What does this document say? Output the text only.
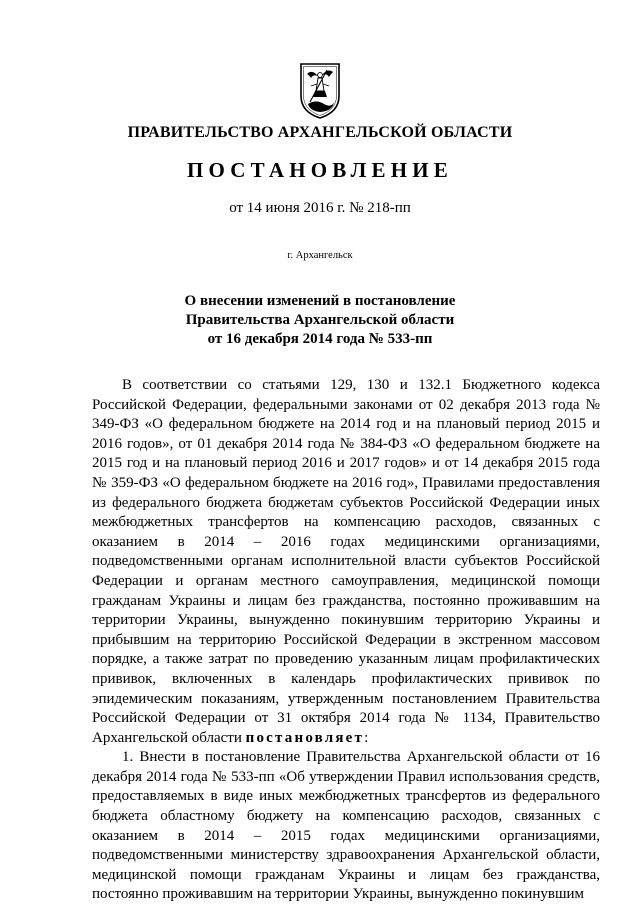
ПРАВИТЕЛЬСТВО АРХАНГЕЛЬСКОЙ ОБЛАСТИ
ПОСТАНОВЛЕНИЕ
от 14 июня 2016 г. № 218-пп
г. Архангельск
О внесении изменений в постановление
Правительства Архангельской области
от 16 декабря 2014 года № 533-пп

В соответствии со статьями 129, 130 и 132.1 Бюджетного кодекса Российской Федерации, федеральными законами от 02 декабря 2013 года № 349-ФЗ «О федеральном бюджете на 2014 год и на плановый период 2015 и 2016 годов», от 01 декабря 2014 года № 384-ФЗ «О федеральном бюджете на 2015 год и на плановый период 2016 и 2017 годов» и от 14 декабря 2015 года № 359-ФЗ «О федеральном бюджете на 2016 год», Правилами предоставления из федерального бюджета бюджетам субъектов Российской Федерации иных межбюджетных трансфертов на компенсацию расходов, связанных с оказанием в 2014 – 2016 годах медицинскими организациями, подведомственными органам исполнительной власти субъектов Российской Федерации и органам местного самоуправления, медицинской помощи гражданам Украины и лицам без гражданства, постоянно проживавшим на территории Украины, вынужденно покинувшим территорию Украины и прибывшим на территорию Российской Федерации в экстренном массовом порядке, а также затрат по проведению указанным лицам профилактических прививок, включенных в календарь профилактических прививок по эпидемическим показаниям, утвержденным постановлением Правительства Российской Федерации от 31 октября 2014 года № 1134, Правительство Архангельской области постановляет:

1. Внести в постановление Правительства Архангельской области от 16 декабря 2014 года № 533-пп «Об утверждении Правил использования средств, предоставляемых в виде иных межбюджетных трансфертов из федерального бюджета областному бюджету на компенсацию расходов, связанных с оказанием в 2014 – 2015 годах медицинскими организациями, подведомственными министерству здравоохранения Архангельской области, медицинской помощи гражданам Украины и лицам без гражданства, постоянно проживавшим на территории Украины, вынужденно покинувшим
